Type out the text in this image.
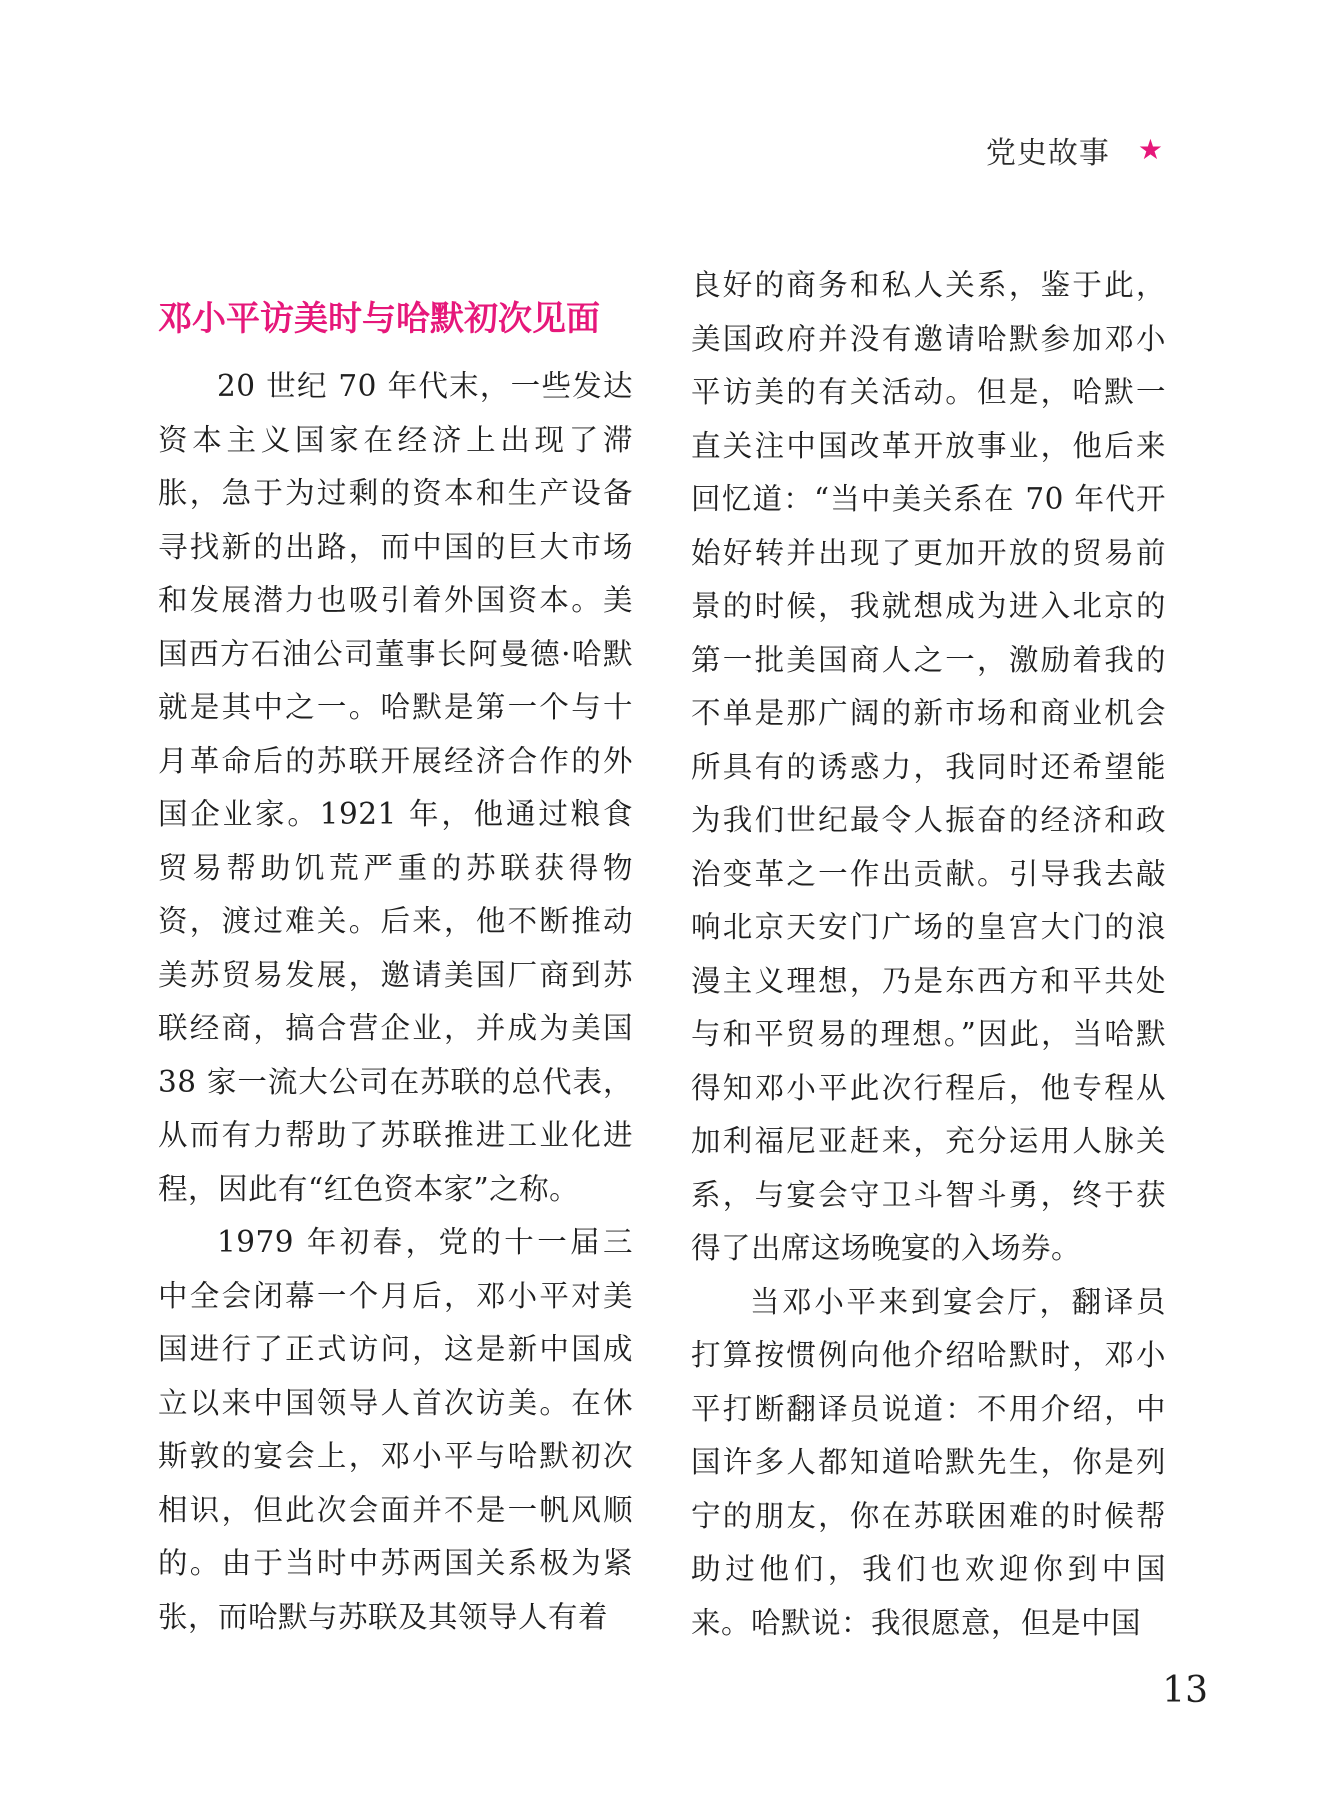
党史故事 ★
邓小平访美时与哈默初次见面

20 世纪 70 年代末，一些发达资本主义国家在经济上出现了滞胀，急于为过剩的资本和生产设备寻找新的出路，而中国的巨大市场和发展潜力也吸引着外国资本。美国西方石油公司董事长阿曼德·哈默就是其中之一。哈默是第一个与十月革命后的苏联开展经济合作的外国企业家。1921 年，他通过粮食贸易帮助饥荒严重的苏联获得物资，渡过难关。后来，他不断推动美苏贸易发展，邀请美国厂商到苏联经商，搞合营企业，并成为美国 38 家一流大公司在苏联的总代表，从而有力帮助了苏联推进工业化进程，因此有“红色资本家”之称。

1979 年初春，党的十一届三中全会闭幕一个月后，邓小平对美国进行了正式访问，这是新中国成立以来中国领导人首次访美。在休斯敦的宴会上，邓小平与哈默初次相识，但此次会面并不是一帆风顺的。由于当时中苏两国关系极为紧张，而哈默与苏联及其领导人有着

良好的商务和私人关系，鉴于此，美国政府并没有邀请哈默参加邓小平访美的有关活动。但是，哈默一直关注中国改革开放事业，他后来回忆道：“当中美关系在 70 年代开始好转并出现了更加开放的贸易前景的时候，我就想成为进入北京的第一批美国商人之一，激励着我的不单是那广阔的新市场和商业机会所具有的诱惑力，我同时还希望能为我们世纪最令人振奋的经济和政治变革之一作出贡献。引导我去敲响北京天安门广场的皇宫大门的浪漫主义理想，乃是东西方和平共处与和平贸易的理想。”因此，当哈默得知邓小平此次行程后，他专程从加利福尼亚赶来，充分运用人脉关系，与宴会守卫斗智斗勇，终于获得了出席这场晚宴的入场券。

当邓小平来到宴会厅，翻译员打算按惯例向他介绍哈默时，邓小平打断翻译员说道：不用介绍，中国许多人都知道哈默先生，你是列宁的朋友，你在苏联困难的时候帮助过他们，我们也欢迎你到中国来。哈默说：我很愿意，但是中国

13
